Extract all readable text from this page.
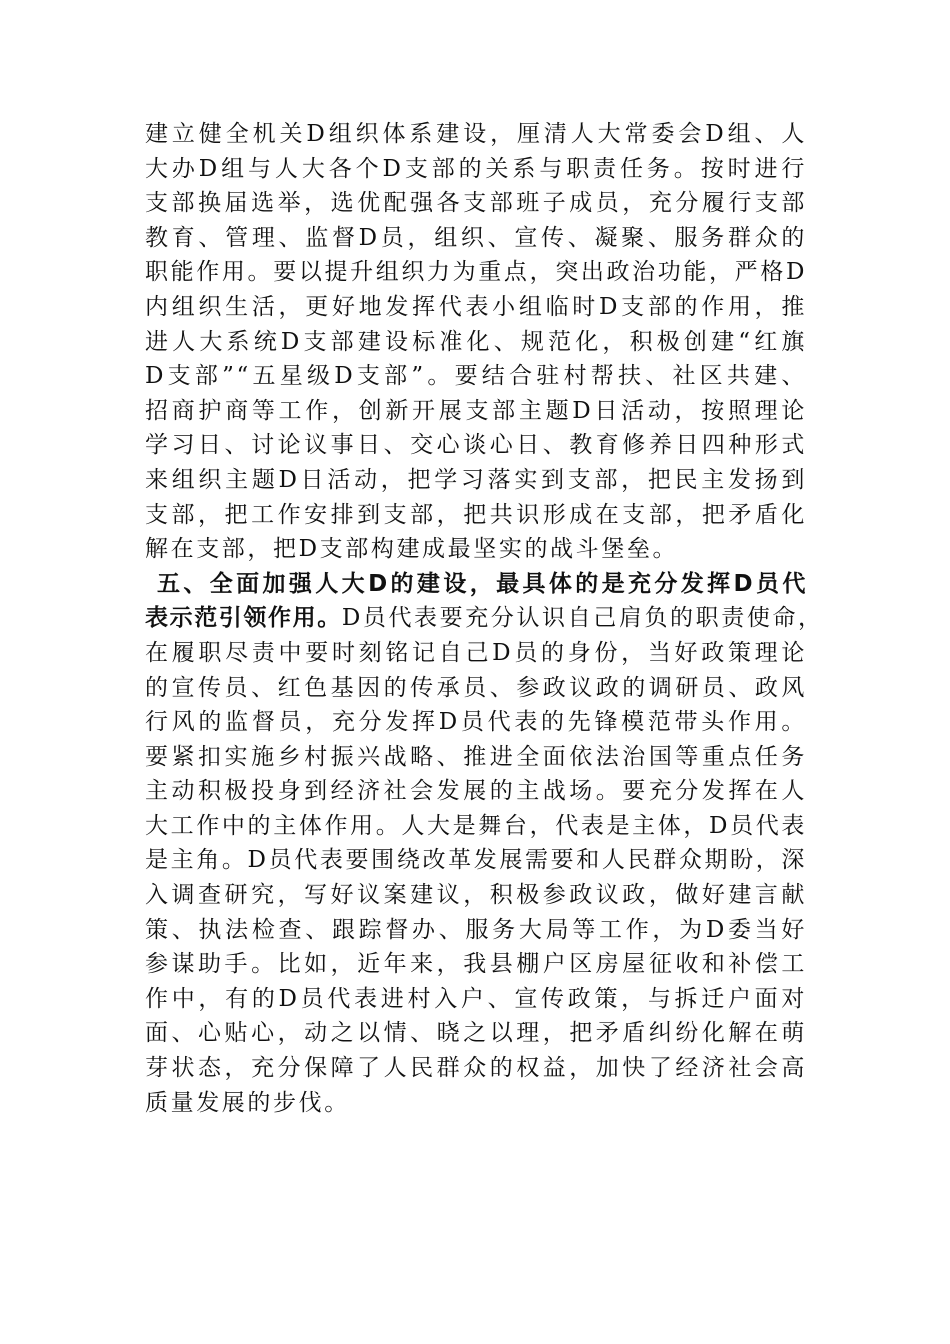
建立健全机关D组织体系建设，厘清人大常委会D组、人
大办D组与人大各个D支部的关系与职责任务。按时进行
支部换届选举，选优配强各支部班子成员，充分履行支部
教育、管理、监督D员，组织、宣传、凝聚、服务群众的
职能作用。要以提升组织力为重点，突出政治功能，严格D
内组织生活，更好地发挥代表小组临时D支部的作用，推
进人大系统D支部建设标准化、规范化，积极创建“红旗
D支部”“五星级D支部”。要结合驻村帮扶、社区共建、
招商护商等工作，创新开展支部主题D日活动，按照理论
学习日、讨论议事日、交心谈心日、教育修养日四种形式
来组织主题D日活动，把学习落实到支部，把民主发扬到
支部，把工作安排到支部，把共识形成在支部，把矛盾化
解在支部，把D支部构建成最坚实的战斗堡垒。
五、全面加强人大D的建设，最具体的是充分发挥D员代
表示范引领作用。D员代表要充分认识自己肩负的职责使命，
在履职尽责中要时刻铭记自己D员的身份，当好政策理论
的宣传员、红色基因的传承员、参政议政的调研员、政风
行风的监督员，充分发挥D员代表的先锋模范带头作用。
要紧扣实施乡村振兴战略、推进全面依法治国等重点任务
主动积极投身到经济社会发展的主战场。要充分发挥在人
大工作中的主体作用。人大是舞台，代表是主体，D员代表
是主角。D员代表要围绕改革发展需要和人民群众期盼，深
入调查研究，写好议案建议，积极参政议政，做好建言献
策、执法检查、跟踪督办、服务大局等工作，为D委当好
参谋助手。比如，近年来，我县棚户区房屋征收和补偿工
作中，有的D员代表进村入户、宣传政策，与拆迁户面对
面、心贴心，动之以情、晓之以理，把矛盾纠纷化解在萌
芽状态，充分保障了人民群众的权益，加快了经济社会高
质量发展的步伐。
